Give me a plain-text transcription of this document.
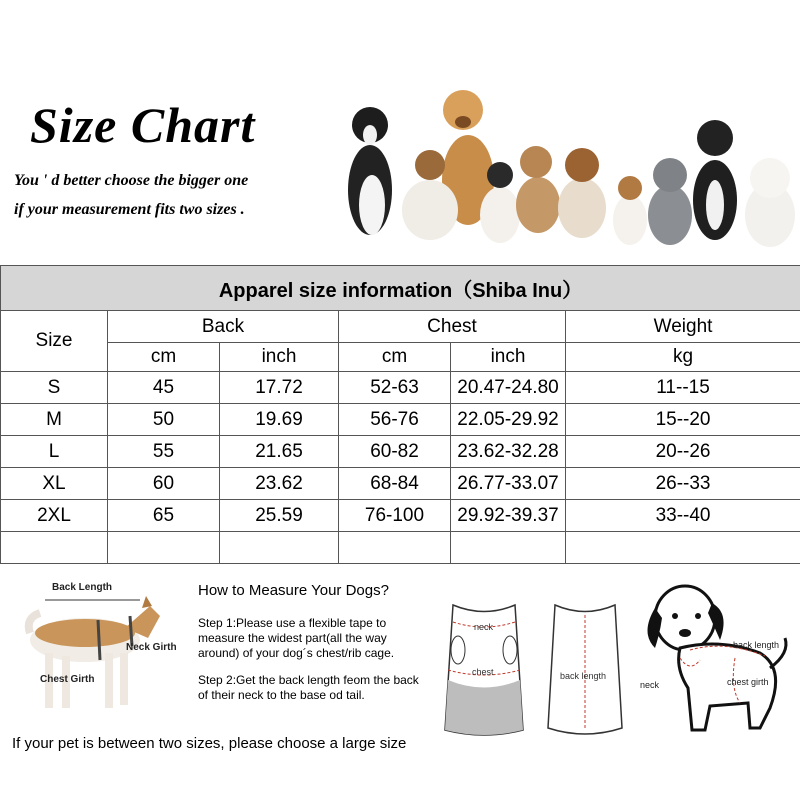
Size Chart
You ' d better choose the bigger one
if your measurement fits two sizes .
Apparel size information（Shiba Inu）					
Size	Back		Chest		Weight
	cm	inch	cm	inch	kg
S	45	17.72	52-63	20.47-24.80	11--15
M	50	19.69	56-76	22.05-29.92	15--20
L	55	21.65	60-82	23.62-32.28	20--26
XL	60	23.62	68-84	26.77-33.07	26--33
2XL	65	25.59	76-100	29.92-39.37	33--40

Back Length
Neck Girth
Chest Girth
How to Measure Your Dogs?
Step 1:Please use a flexible tape to measure the widest part(all the way around) of your dog´s chest/rib cage.
Step 2:Get the back length feom the back of their neck to the base od tail.
neck
chest	back length
back length
neck	chest girth
If your pet is between two sizes, please choose a large size
